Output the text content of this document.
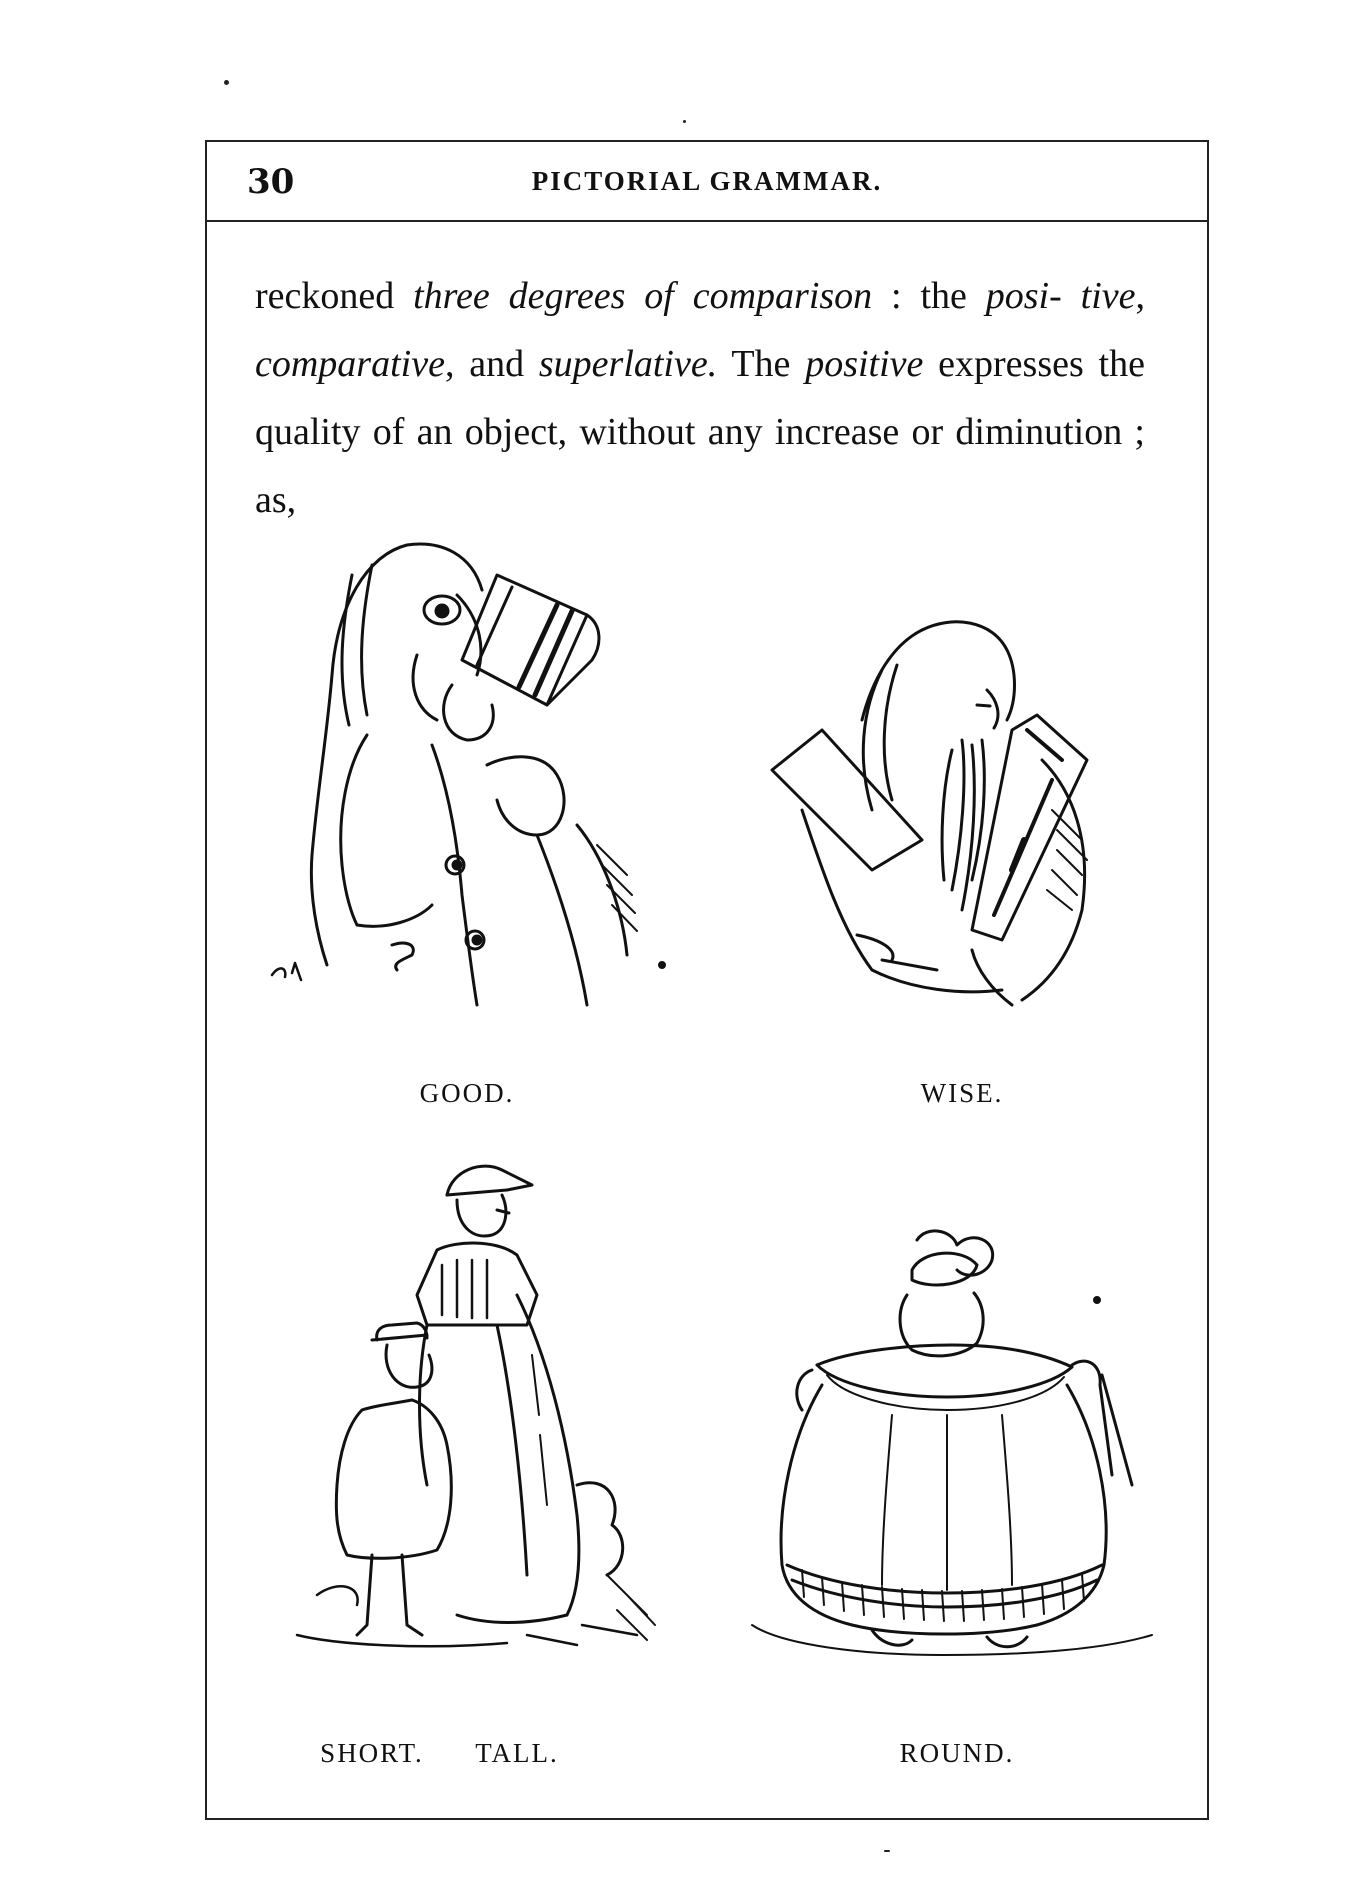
30	PICTORIAL GRAMMAR.

reckoned three degrees of comparison : the posi- tive, comparative, and superlative. The positive expresses the quality of an object, without any increase or diminution ; as,

GOOD.	WISE.
SHORT.	TALL.	ROUND.
